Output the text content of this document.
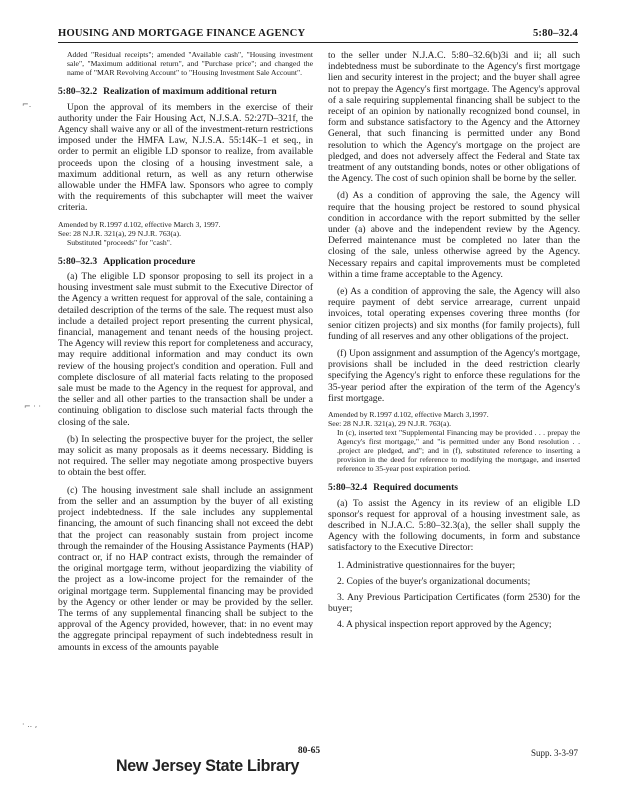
HOUSING AND MORTGAGE FINANCE AGENCY	5:80–32.4
⌐.
⌐ · ·
· .. ,

Added "Residual receipts"; amended "Available cash", "Housing investment sale", "Maximum additional return", and "Purchase price"; and changed the name of "MAR Revolving Account" to "Housing Investment Sale Account".

5:80–32.2 Realization of maximum additional return

Upon the approval of its members in the exercise of their authority under the Fair Housing Act, N.J.S.A. 52:27D–321f, the Agency shall waive any or all of the investment-return restrictions imposed under the HMFA Law, N.J.S.A. 55:14K–1 et seq., in order to permit an eligible LD sponsor to realize, from available proceeds upon the closing of a housing investment sale, a maximum additional return, as well as any return otherwise allowable under the HMFA law. Sponsors who agree to comply with the requirements of this subchapter will meet the waiver criteria.

Amended by R.1997 d.102, effective March 3, 1997.

See: 28 N.J.R. 321(a), 29 N.J.R. 763(a).

Substituted "proceeds" for "cash".

5:80–32.3 Application procedure

(a) The eligible LD sponsor proposing to sell its project in a housing investment sale must submit to the Executive Director of the Agency a written request for approval of the sale, containing a detailed description of the terms of the sale. The request must also include a detailed project report presenting the current physical, financial, management and tenant needs of the housing project. The Agency will review this report for completeness and accuracy, may require additional information and may conduct its own review of the housing project's condition and operation. Full and complete disclosure of all material facts relating to the proposed sale must be made to the Agency in the request for approval, and the seller and all other parties to the transaction shall be under a continuing obligation to disclose such material facts through the closing of the sale.

(b) In selecting the prospective buyer for the project, the seller may solicit as many proposals as it deems necessary. Bidding is not required. The seller may negotiate among prospective buyers to obtain the best offer.

(c) The housing investment sale shall include an assignment from the seller and an assumption by the buyer of all existing project indebtedness. If the sale includes any supplemental financing, the amount of such financing shall not exceed the debt that the project can reasonably sustain from project income through the remainder of the Housing Assistance Payments (HAP) contract or, if no HAP contract exists, through the remainder of the original mortgage term, without jeopardizing the viability of the project as a low-income project for the remainder of the original mortgage term. Supplemental financing may be provided by the Agency or other lender or may be provided by the seller. The terms of any supplemental financing shall be subject to the approval of the Agency provided, however, that: in no event may the aggregate principal repayment of such indebtedness result in amounts in excess of the amounts payable

to the seller under N.J.A.C. 5:80–32.6(b)3i and ii; all such indebtedness must be subordinate to the Agency's first mortgage lien and security interest in the project; and the buyer shall agree not to prepay the Agency's first mortgage. The Agency's approval of a sale requiring supplemental financing shall be subject to the receipt of an opinion by nationally recognized bond counsel, in form and substance satisfactory to the Agency and the Attorney General, that such financing is permitted under any Bond resolution to which the Agency's mortgage on the project are pledged, and does not adversely affect the Federal and State tax treatment of any outstanding bonds, notes or other obligations of the Agency. The cost of such opinion shall be borne by the seller.

(d) As a condition of approving the sale, the Agency will require that the housing project be restored to sound physical condition in accordance with the report submitted by the seller under (a) above and the independent review by the Agency. Deferred maintenance must be completed no later than the closing of the sale, unless otherwise agreed by the Agency. Necessary repairs and capital improvements must be completed within a time frame acceptable to the Agency.

(e) As a condition of approving the sale, the Agency will also require payment of debt service arrearage, current unpaid invoices, total operating expenses covering three months (for senior citizen projects) and six months (for family projects), full funding of all reserves and any other obligations of the project.

(f) Upon assignment and assumption of the Agency's mortgage, provisions shall be included in the deed restriction clearly specifying the Agency's right to enforce these regulations for the 35-year period after the expiration of the term of the Agency's first mortgage.

Amended by R.1997 d.102, effective March 3,1997.

See: 28 N.J.R. 321(a), 29 N.J.R. 763(a).

In (c), inserted text "Supplemental Financing may be provided . . . prepay the Agency's first mortgage," and "is permitted under any Bond resolution . . .project are pledged, and"; and in (f), substituted reference to inserting a provision in the deed for reference to modifying the mortgage, and inserted reference to 35-year post expiration period.

5:80–32.4 Required documents

(a) To assist the Agency in its review of an eligible LD sponsor's request for approval of a housing investment sale, as described in N.J.A.C. 5:80–32.3(a), the seller shall supply the Agency with the following documents, in form and substance satisfactory to the Executive Director:

1. Administrative questionnaires for the buyer;

2. Copies of the buyer's organizational documents;

3. Any Previous Participation Certificates (form 2530) for the buyer;

4. A physical inspection report approved by the Agency;

80-65	Supp. 3-3-97
New Jersey State Library
